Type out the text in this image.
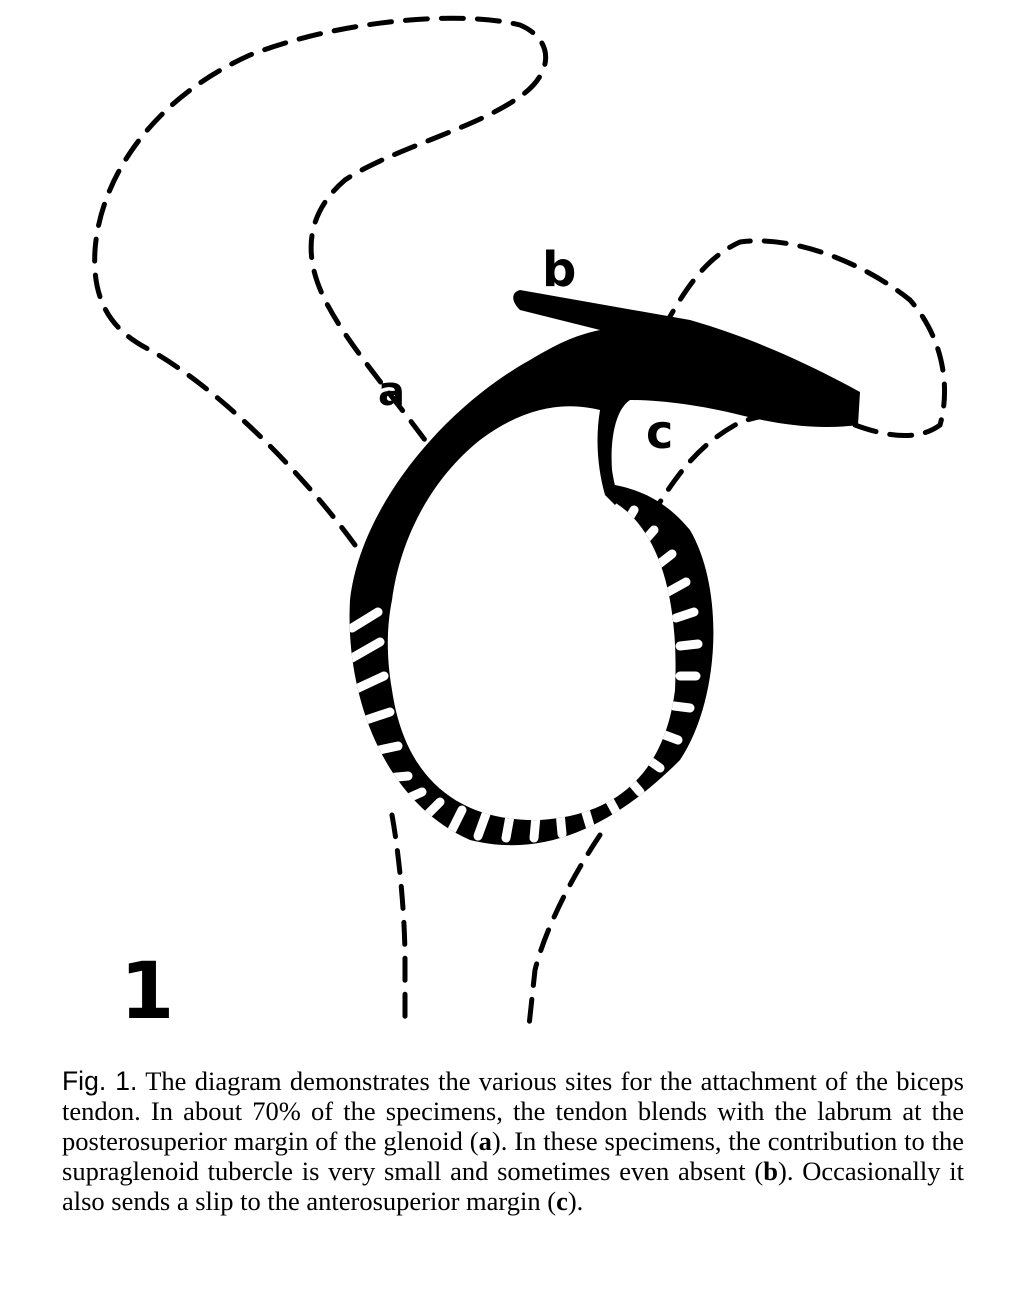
b
a
c
1

Fig. 1. The diagram demonstrates the various sites for the attachment of the biceps tendon. In about 70% of the specimens, the tendon blends with the labrum at the posterosuperior margin of the glenoid (a). In these specimens, the contribution to the supraglenoid tubercle is very small and sometimes even absent (b). Occasionally it also sends a slip to the anterosuperior margin (c).
